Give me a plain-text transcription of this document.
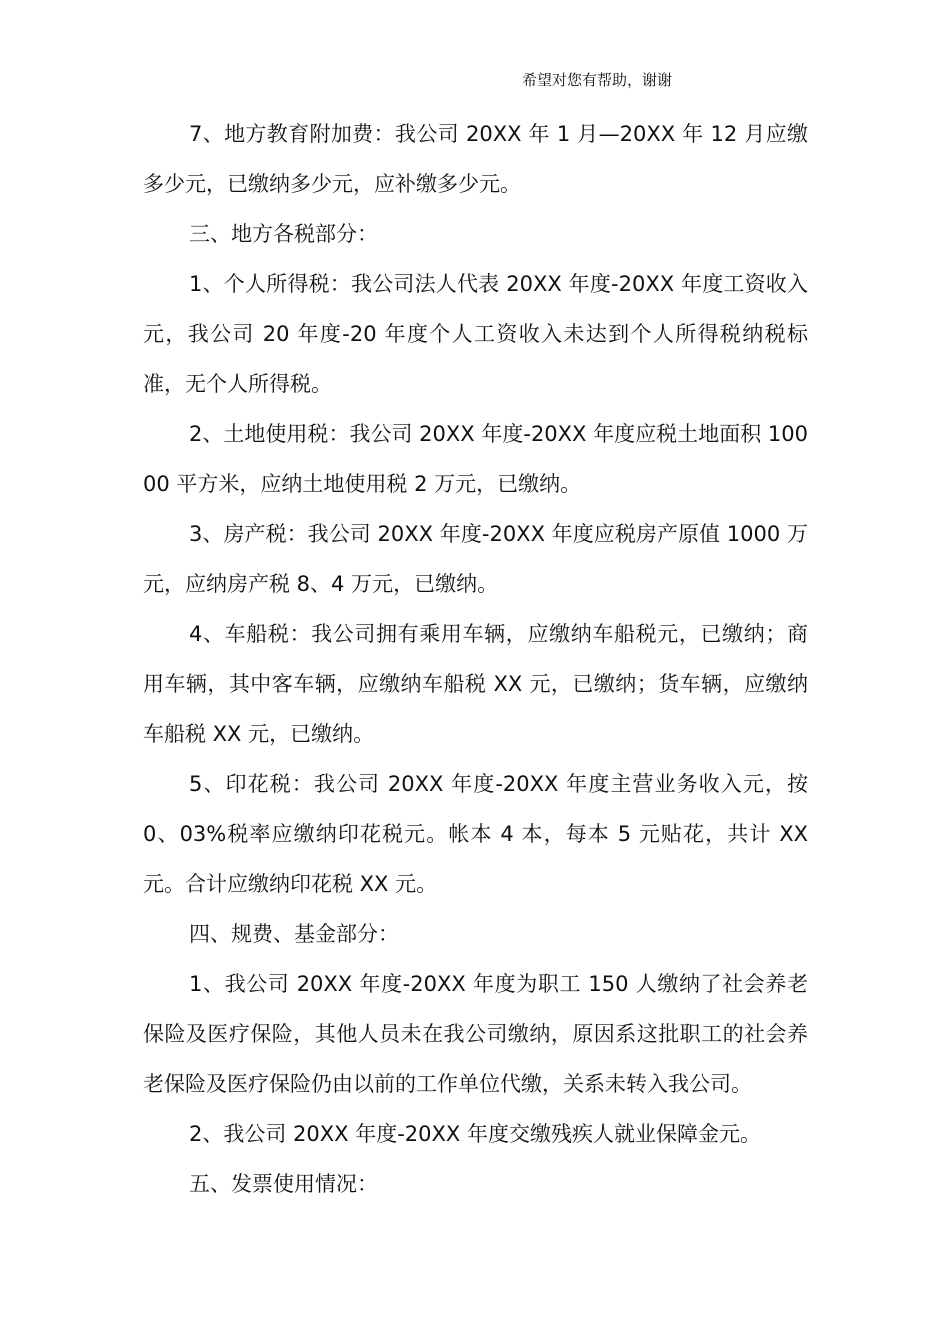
希望对您有帮助，谢谢

7、地方教育附加费：我公司 20XX 年 1 月—20XX 年 12 月应缴多少元，已缴纳多少元，应补缴多少元。

三、地方各税部分：

1、个人所得税：我公司法人代表 20XX 年度-20XX 年度工资收入元，我公司 20 年度-20 年度个人工资收入未达到个人所得税纳税标准，无个人所得税。

2、土地使用税：我公司 20XX 年度-20XX 年度应税土地面积 10000 平方米，应纳土地使用税 2 万元，已缴纳。

3、房产税：我公司 20XX 年度-20XX 年度应税房产原值 1000 万元，应纳房产税 8、4 万元，已缴纳。

4、车船税：我公司拥有乘用车辆，应缴纳车船税元，已缴纳；商用车辆，其中客车辆，应缴纳车船税 XX 元，已缴纳；货车辆，应缴纳车船税 XX 元，已缴纳。

5、印花税：我公司 20XX 年度-20XX 年度主营业务收入元，按 0、03%税率应缴纳印花税元。帐本 4 本，每本 5 元贴花，共计 XX 元。合计应缴纳印花税 XX 元。

四、规费、基金部分：

1、我公司 20XX 年度-20XX 年度为职工 150 人缴纳了社会养老保险及医疗保险，其他人员未在我公司缴纳，原因系这批职工的社会养老保险及医疗保险仍由以前的工作单位代缴，关系未转入我公司。

2、我公司 20XX 年度-20XX 年度交缴残疾人就业保障金元。

五、发票使用情况：
